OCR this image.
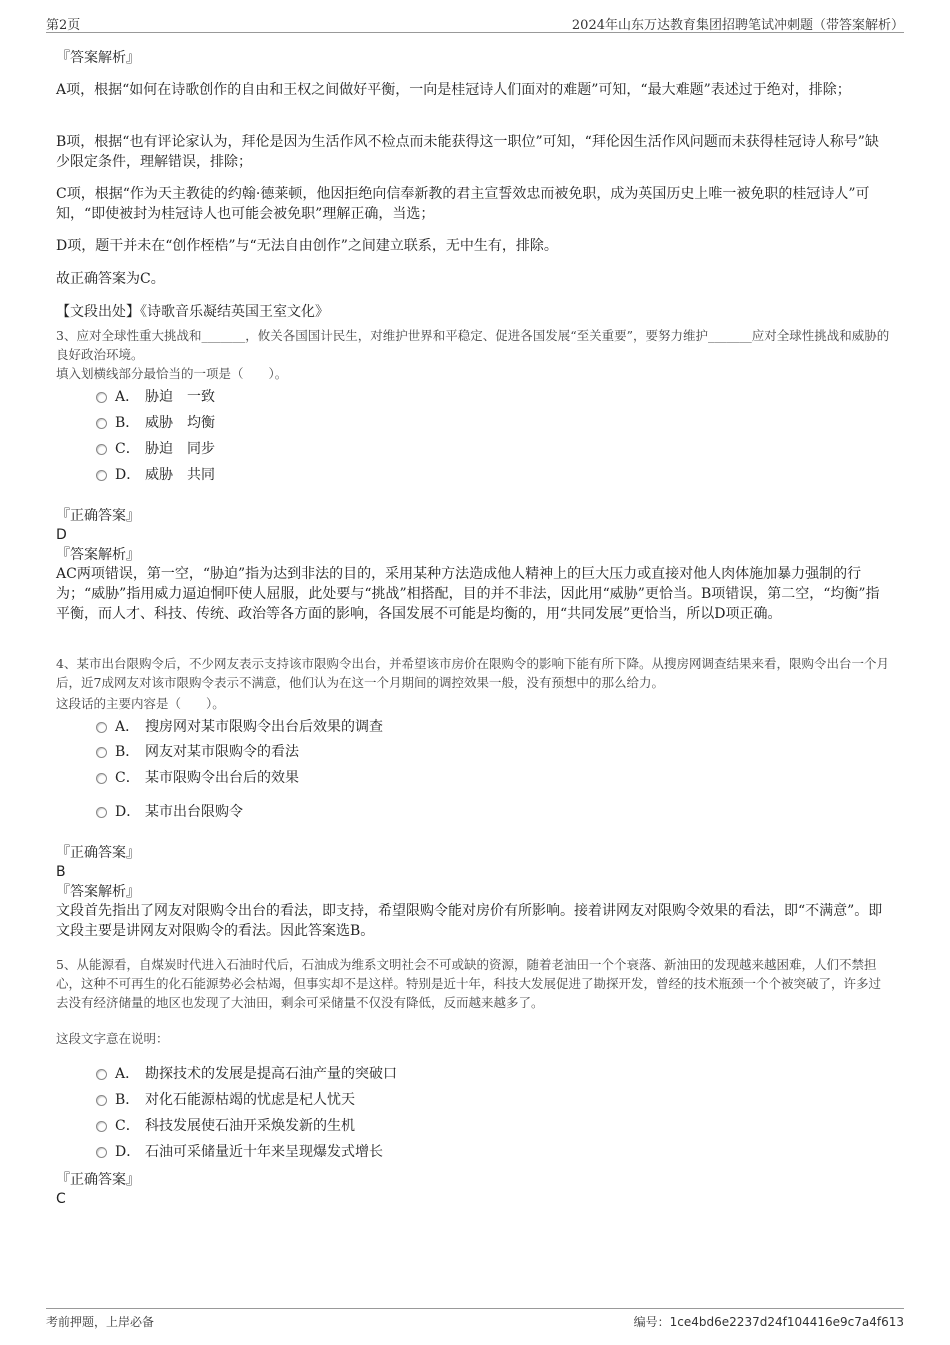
第2页	2024年山东万达教育集团招聘笔试冲刺题（带答案解析）
『答案解析』
A项，根据“如何在诗歌创作的自由和王权之间做好平衡，一向是桂冠诗人们面对的难题”可知，“最大难题”表述过于绝对，排除；
B项，根据“也有评论家认为，拜伦是因为生活作风不检点而未能获得这一职位”可知，“拜伦因生活作风问题而未获得桂冠诗人称号”缺少限定条件，理解错误，排除；
C项，根据“作为天主教徒的约翰·德莱顿，他因拒绝向信奉新教的君主宣誓效忠而被免职，成为英国历史上唯一被免职的桂冠诗人”可知，“即使被封为桂冠诗人也可能会被免职”理解正确，当选；
D项，题干并未在“创作桎梏”与“无法自由创作”之间建立联系，无中生有，排除。
故正确答案为C。
【文段出处】《诗歌音乐凝结英国王室文化》
3、应对全球性重大挑战和_______，攸关各国国计民生，对维护世界和平稳定、促进各国发展“至关重要”，要努力维护_______应对全球性挑战和威胁的良好政治环境。
填入划横线部分最恰当的一项是（　　）。
A． 胁迫　一致
B． 威胁　均衡
C． 胁迫　同步
D． 威胁　共同
『正确答案』
D
『答案解析』
AC两项错误，第一空，“胁迫”指为达到非法的目的，采用某种方法造成他人精神上的巨大压力或直接对他人肉体施加暴力强制的行为；“威胁”指用威力逼迫恫吓使人屈服，此处要与“挑战”相搭配，目的并不非法，因此用“威胁”更恰当。B项错误，第二空，“均衡”指平衡，而人才、科技、传统、政治等各方面的影响，各国发展不可能是均衡的，用“共同发展”更恰当，所以D项正确。
4、某市出台限购令后，不少网友表示支持该市限购令出台，并希望该市房价在限购令的影响下能有所下降。从搜房网调查结果来看，限购令出台一个月后，近7成网友对该市限购令表示不满意，他们认为在这一个月期间的调控效果一般，没有预想中的那么给力。
这段话的主要内容是（　　）。
A． 搜房网对某市限购令出台后效果的调查
B． 网友对某市限购令的看法
C． 某市限购令出台后的效果
D． 某市出台限购令
『正确答案』
B
『答案解析』
文段首先指出了网友对限购令出台的看法，即支持，希望限购令能对房价有所影响。接着讲网友对限购令效果的看法，即“不满意”。即文段主要是讲网友对限购令的看法。因此答案选B。
5、从能源看，自煤炭时代进入石油时代后，石油成为维系文明社会不可或缺的资源，随着老油田一个个衰落、新油田的发现越来越困难，人们不禁担心，这种不可再生的化石能源势必会枯竭，但事实却不是这样。特别是近十年，科技大发展促进了勘探开发，曾经的技术瓶颈一个个被突破了，许多过去没有经济储量的地区也发现了大油田，剩余可采储量不仅没有降低，反而越来越多了。
这段文字意在说明：
A． 勘探技术的发展是提高石油产量的突破口
B． 对化石能源枯竭的忧虑是杞人忧天
C． 科技发展使石油开采焕发新的生机
D． 石油可采储量近十年来呈现爆发式增长
『正确答案』
C
考前押题，上岸必备	编号：1ce4bd6e2237d24f104416e9c7a4f613
